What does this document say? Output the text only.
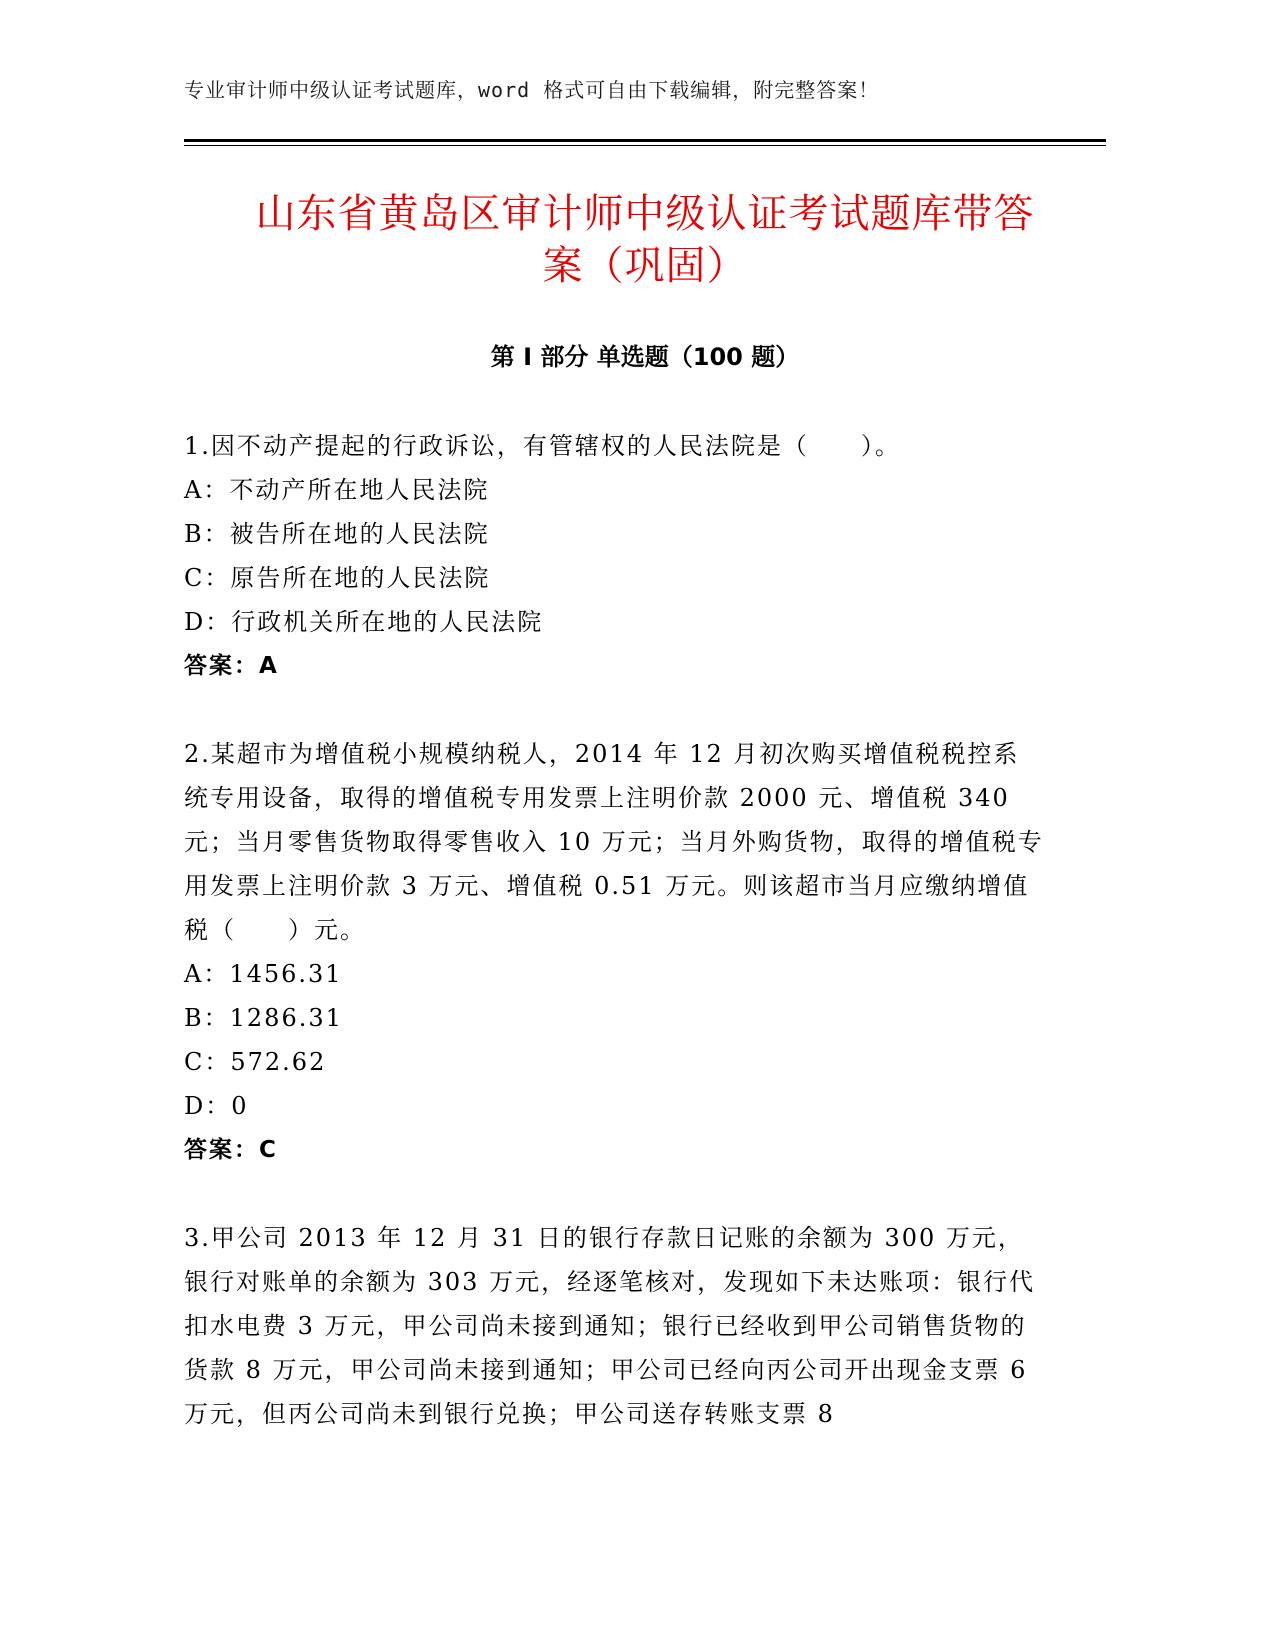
专业审计师中级认证考试题库，word 格式可自由下载编辑，附完整答案！
山东省黄岛区审计师中级认证考试题库带答
案（巩固）
第 I 部分 单选题（100 题）

1.因不动产提起的行政诉讼，有管辖权的人民法院是（　　）。

A：不动产所在地人民法院

B：被告所在地的人民法院

C：原告所在地的人民法院

D：行政机关所在地的人民法院

答案：A

2.某超市为增值税小规模纳税人，2014 年 12 月初次购买增值税税控系统专用设备，取得的增值税专用发票上注明价款 2000 元、增值税 340 元；当月零售货物取得零售收入 10 万元；当月外购货物，取得的增值税专用发票上注明价款 3 万元、增值税 0.51 万元。则该超市当月应缴纳增值税（　　）元。

A：1456.31

B：1286.31

C：572.62

D：0

答案：C

3.甲公司 2013 年 12 月 31 日的银行存款日记账的余额为 300 万元，银行对账单的余额为 303 万元，经逐笔核对，发现如下未达账项：银行代扣水电费 3 万元，甲公司尚未接到通知；银行已经收到甲公司销售货物的货款 8 万元，甲公司尚未接到通知；甲公司已经向丙公司开出现金支票 6 万元，但丙公司尚未到银行兑换；甲公司送存转账支票 8
